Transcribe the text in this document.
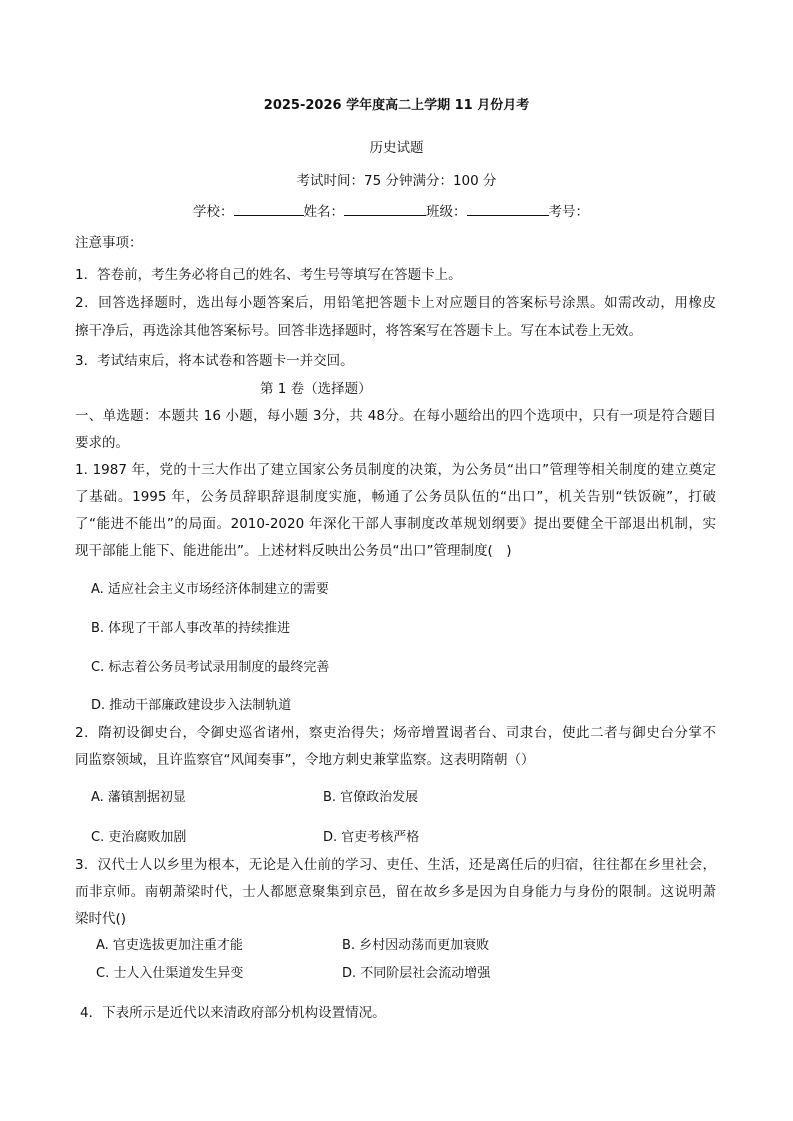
2025-2026 学年度高二上学期 11 月份月考
历史试题
考试时间：75 分钟满分：100 分
学校：	姓名：	班级：	考号：
注意事项：
1．答卷前，考生务必将自己的姓名、考生号等填写在答题卡上。
2．回答选择题时，选出每小题答案后，用铅笔把答题卡上对应题目的答案标号涂黑。如需改动，用橡皮
擦干净后，再选涂其他答案标号。回答非选择题时，将答案写在答题卡上。写在本试卷上无效。
3．考试结束后，将本试卷和答题卡一并交回。
第 1 卷（选择题）
一、单选题：本题共 16 小题，每小题 3分，共 48分。在每小题给出的四个选项中，只有一项是符合题目
要求的。
1. 1987 年，党的十三大作出了建立国家公务员制度的决策，为公务员“出口”管理等相关制度的建立奠定
了基础。1995 年，公务员辞职辞退制度实施，畅通了公务员队伍的“出口”，机关告别“铁饭碗”，打破
了“能进不能出”的局面。2010-2020 年深化干部人事制度改革规划纲要》提出要健全干部退出机制，实
现干部能上能下、能进能出”。上述材料反映出公务员“出口”管理制度(　)
A. 适应社会主义市场经济体制建立的需要
B. 体现了干部人事改革的持续推进
C. 标志着公务员考试录用制度的最终完善
D. 推动干部廉政建设步入法制轨道
2．隋初设御史台，令御史巡省诸州，察吏治得失；炀帝增置谒者台、司隶台，使此二者与御史台分掌不
同监察领域，且许监察官“风闻奏事”，令地方刺史兼掌监察。这表明隋朝（）
A. 藩镇割据初显	B. 官僚政治发展
C. 吏治腐败加剧	D. 官吏考核严格
3．汉代士人以乡里为根本，无论是入仕前的学习、吏任、生活，还是离任后的归宿，往往都在乡里社会，
而非京师。南朝萧梁时代，士人都愿意聚集到京邑，留在故乡多是因为自身能力与身份的限制。这说明萧
梁时代()
A. 官吏选拔更加注重才能	B. 乡村因动荡而更加衰败
C. 士人入仕渠道发生异变	D. 不同阶层社会流动增强
4．下表所示是近代以来清政府部分机构设置情况。
